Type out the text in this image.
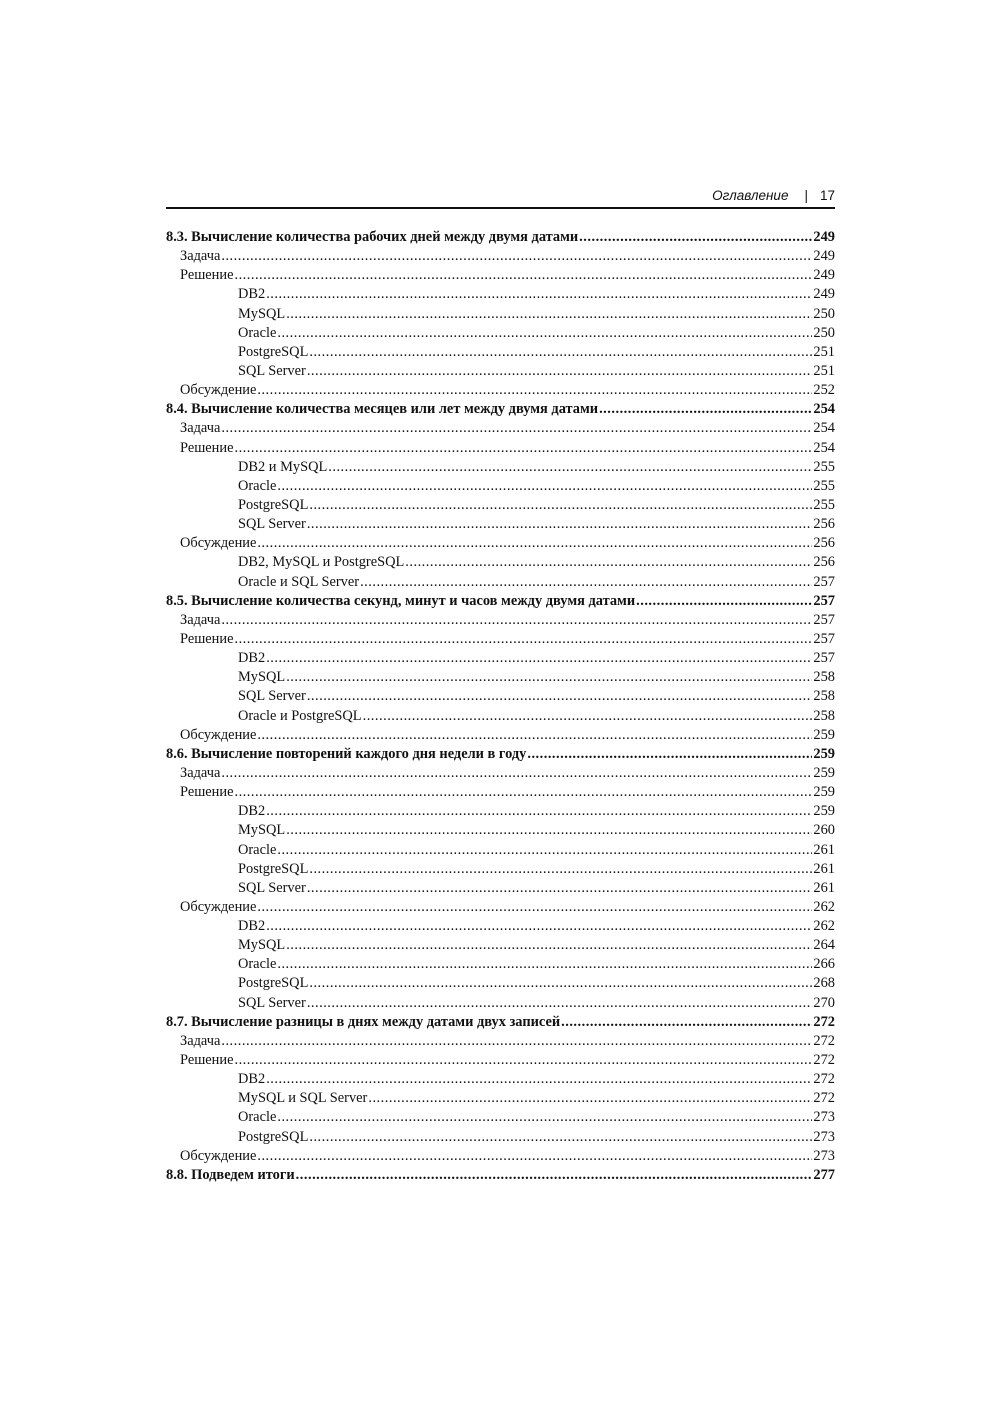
Оглавление | 17
8.3. Вычисление количества рабочих дней между двумя датами .....	249
Задача .....	249
Решение .....	249
DB2 .....	249
MySQL .....	250
Oracle .....	250
PostgreSQL .....	251
SQL Server .....	251
Обсуждение .....	252
8.4. Вычисление количества месяцев или лет между двумя датами .....	254
Задача .....	254
Решение .....	254
DB2 и MySQL .....	255
Oracle .....	255
PostgreSQL .....	255
SQL Server .....	256
Обсуждение .....	256
DB2, MySQL и PostgreSQL .....	256
Oracle и SQL Server .....	257
8.5. Вычисление количества секунд, минут и часов между двумя датами .....	257
Задача .....	257
Решение .....	257
DB2 .....	257
MySQL .....	258
SQL Server .....	258
Oracle и PostgreSQL .....	258
Обсуждение .....	259
8.6. Вычисление повторений каждого дня недели в году .....	259
Задача .....	259
Решение .....	259
DB2 .....	259
MySQL .....	260
Oracle .....	261
PostgreSQL .....	261
SQL Server .....	261
Обсуждение .....	262
DB2 .....	262
MySQL .....	264
Oracle .....	266
PostgreSQL .....	268
SQL Server .....	270
8.7. Вычисление разницы в днях между датами двух записей .....	272
Задача .....	272
Решение .....	272
DB2 .....	272
MySQL и SQL Server .....	272
Oracle .....	273
PostgreSQL .....	273
Обсуждение .....	273
8.8. Подведем итоги .....	277
